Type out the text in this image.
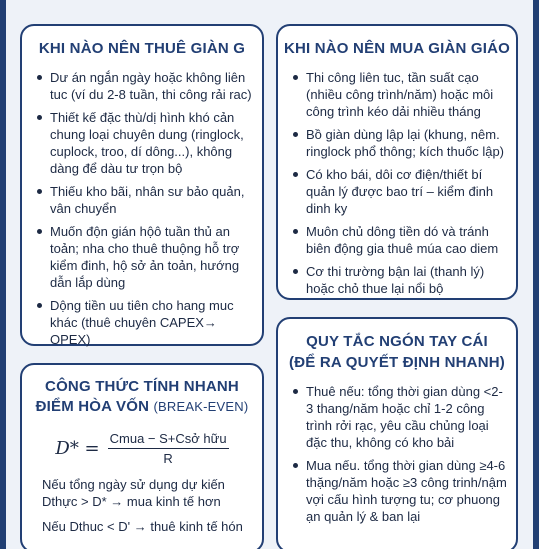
KHI NÀO NÊN THUÊ GIÀN G
Dư án ngắn ngày hoặc không liên tuc (ví du 2-8 tuần, thi công rải rac)
Thiết kế đặc thù/dị hình khó cản chung loại chuyên dung (ringlock, cuplock, troo, dí dông...), không dàng để dàu tư trọn bộ
Thiếu kho bãi, nhân sư bảo quản, vân chuyển
Muốn độn gián hộô tuần thủ an toản; nha cho thuê thuộng hỗ trợ kiểm đinh, hộ sở ản toản, hướng dẫn lắp dùng
Dộng tiền uu tiên cho hang muc khác (thuê chuyên CAPEX→ OPEX)
KHI NÀO NÊN MUA GIÀN GIÁO
Thi công liên tuc, tần suất cạo (nhiều công trình/năm) hoặc môi công trình kéo dải nhiều tháng
Bồ giàn dùng lập lại (khung, nêm. ringlock phổ thông; kích thuốc lập)
Có kho bái, dôi cơ điện/thiết bí quản lý được bao trí – kiểm đinh dinh ky
Muôn chủ dông tiền dó và tránh biên động gia thuê múa cao diem
Cơ thi trường bận lai (thanh lý) hoặc chỏ thue lại nổi bộ
CÔNG THỨC TÍNH NHANH
ĐIỂM HÒA VỐN (BREAK-EVEN)
$D* = \frac{\text{Cmua − S+Csở hữu}}{R}$

Nếu tổng ngày sử dụng dự kiến Dthực > D* → mua kinh tế hơn

Nếu Dthuc < D' → thuê kinh tế hón

QUY TẮC NGÓN TAY CÁI
(ĐỂ RA QUYẾT ĐỊNH NHANH)
Thuê nếu: tổng thời gian dùng <2-3 thang/năm hoặc chỉ 1-2 công trình rởi rạc, yêu cầu chủng loại đặc thu, không có kho bải
Mua nếu. tổng thời gian dùng ≥4-6 thặng/năm hoặc ≥3 công trinh/nậm vợi cấu hình tượng tu; cơ phuong ạn quản lý & ban lại
